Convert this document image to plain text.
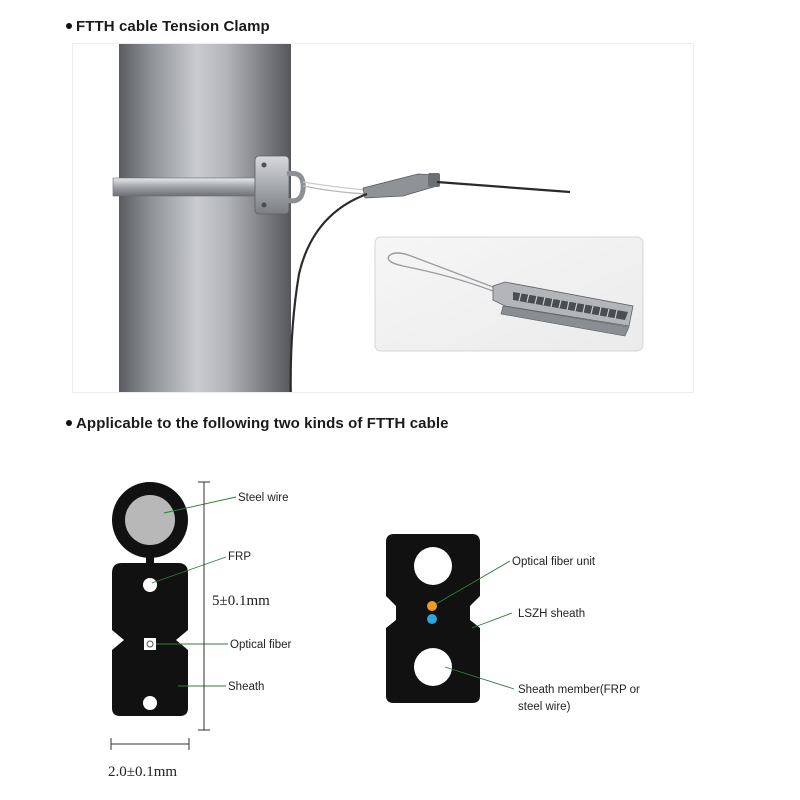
FTTH cable Tension Clamp
Applicable to the following two kinds of FTTH cable
Steel wire
FRP
Optical fiber
Sheath
5±0.1mm
2.0±0.1mm
Optical fiber unit
LSZH sheath
Sheath member(FRP or
steel wire)
